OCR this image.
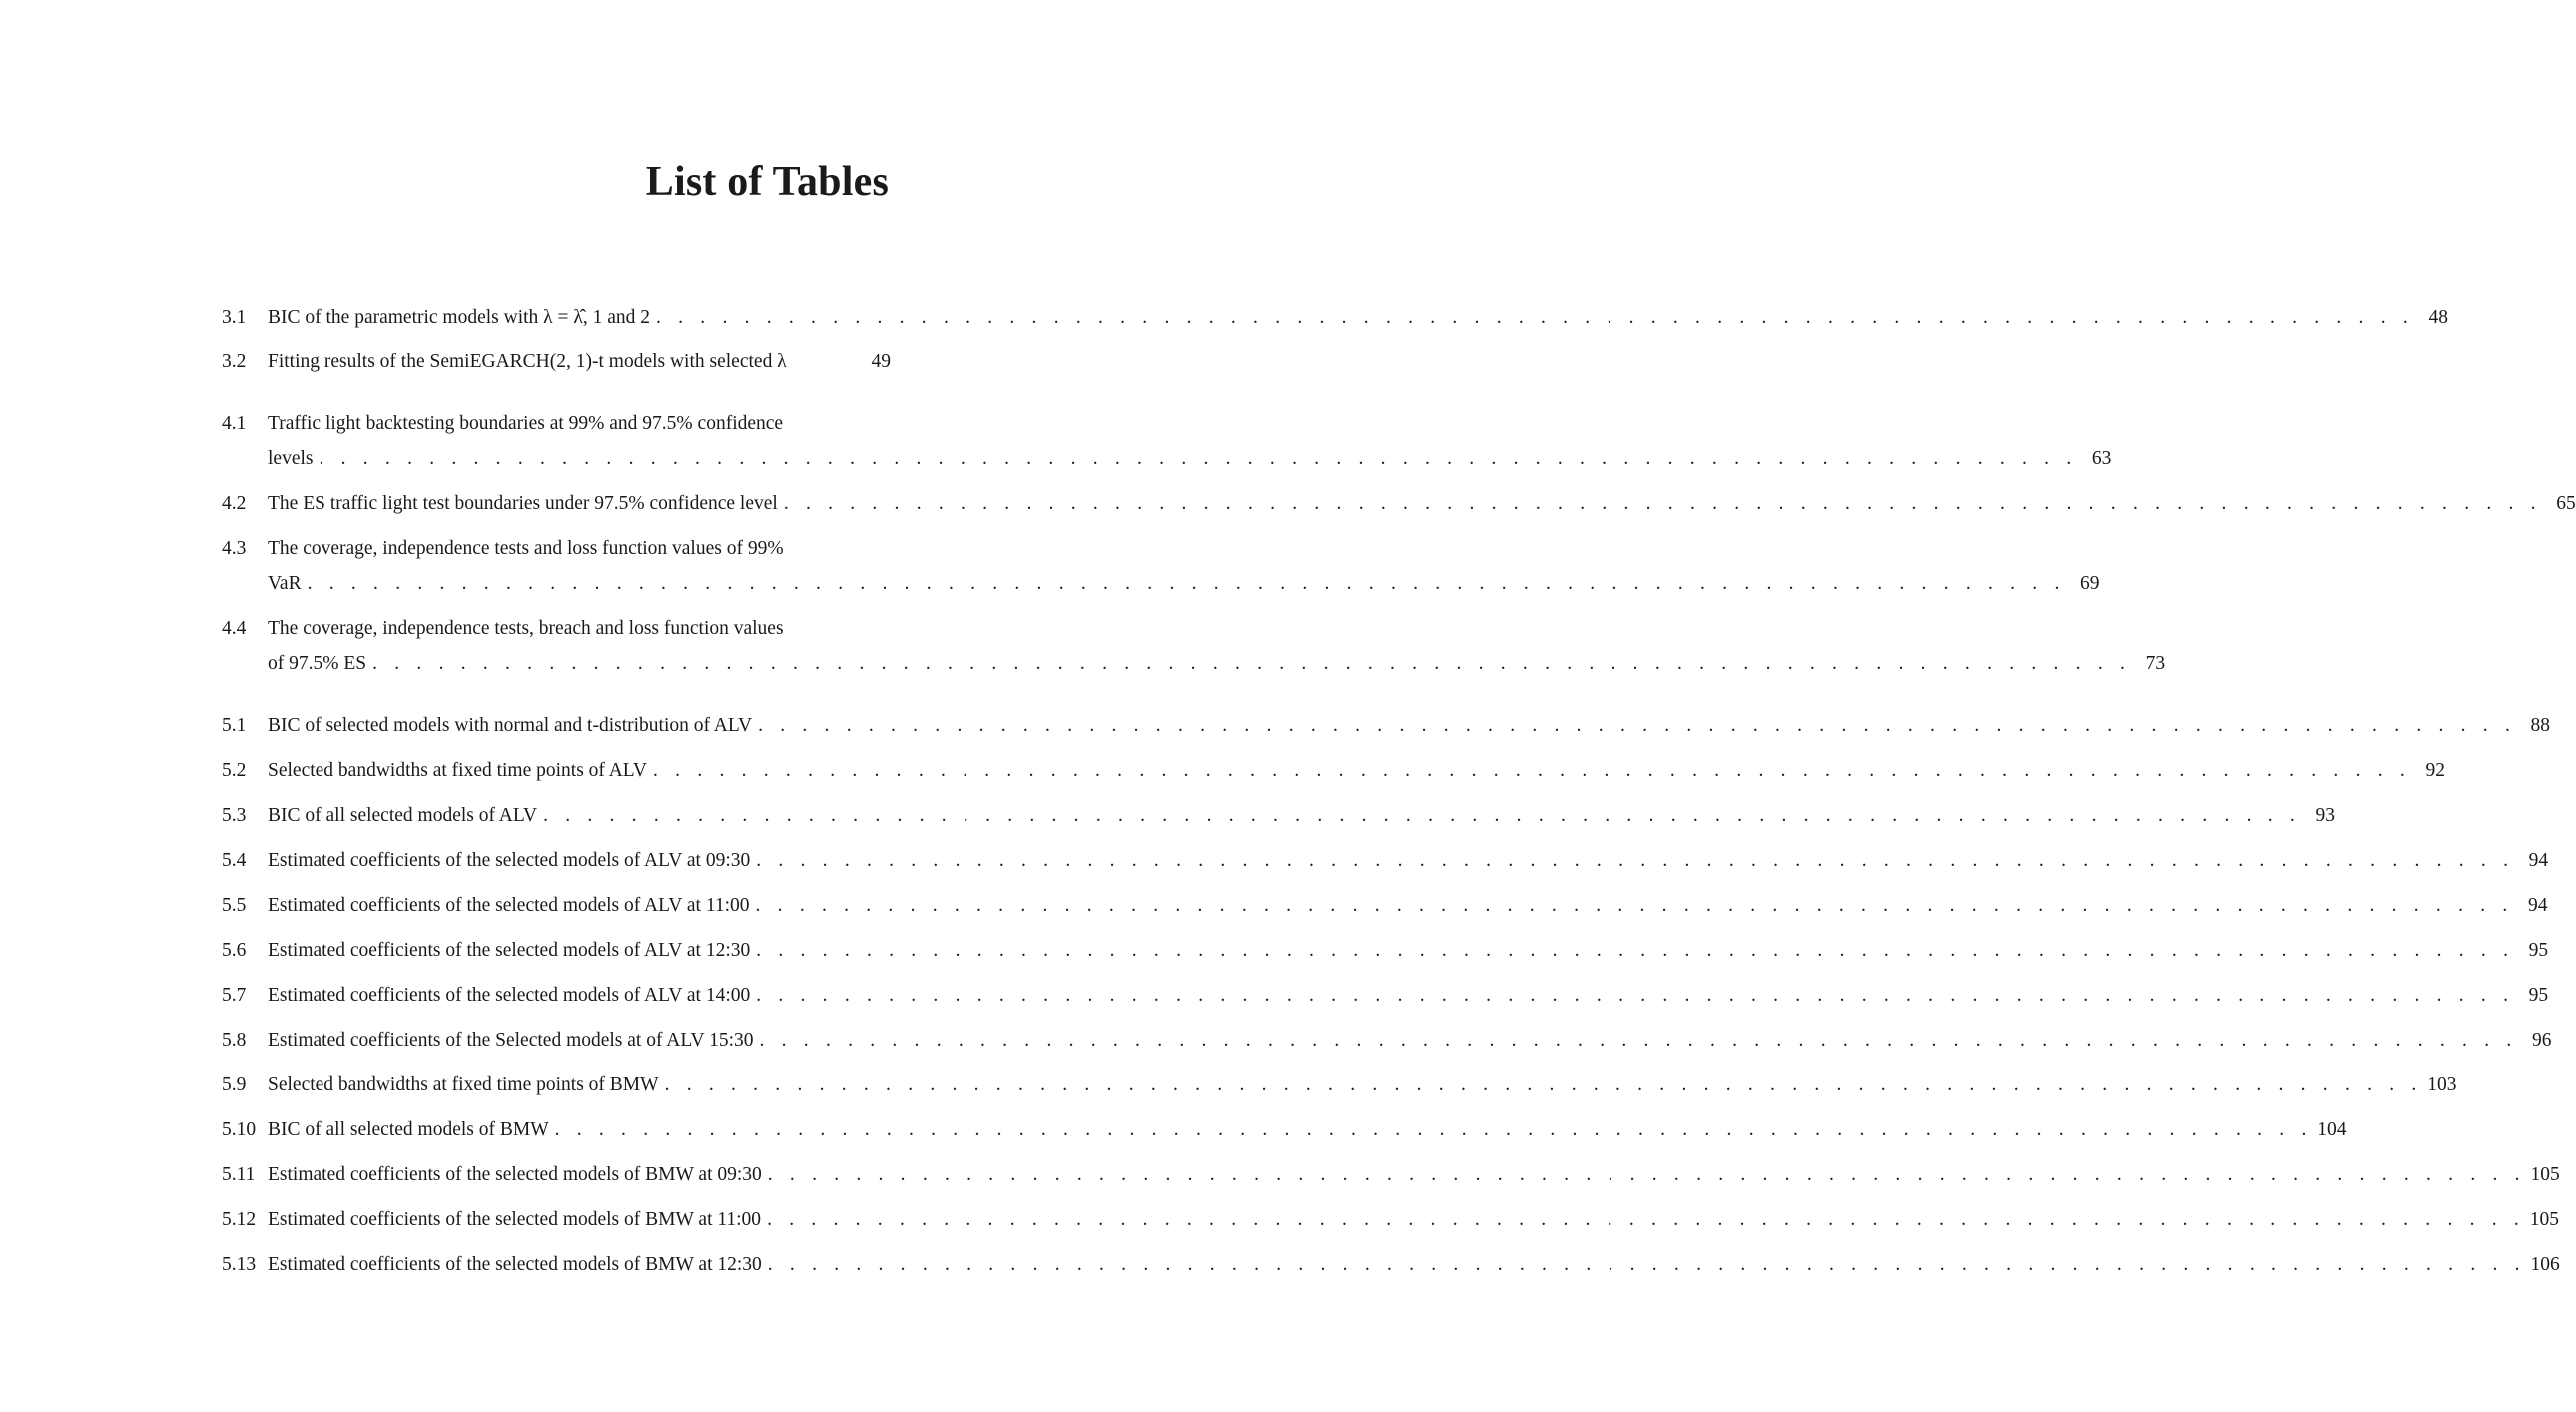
List of Tables
3.1	BIC of the parametric models with λ = λ̂, 1 and 2 . . . . . . . . . . . . . . . . . . . . . . . . . . . . . . . . . . . . . . . . . . . . . . . . . . . . . . . . . . . . . . . . . . . . . . . . . . . . . . . . 48
3.2	Fitting results of the SemiEGARCH(2, 1)-t models with selected λ	49
4.1	Traffic light backtesting boundaries at 99% and 97.5% confidence
levels . . . . . . . . . . . . . . . . . . . . . . . . . . . . . . . . . . . . . . . . . . . . . . . . . . . . . . . . . . . . . . . . . . . . . . . . . . . . . . . . 63
4.2	The ES traffic light test boundaries under 97.5% confidence level . . . . . . . . . . . . . . . . . . . . . . . . . . . . . . . . . . . . . . . . . . . . . . . . . . . . . . . . . . . . . . . . . . . . . . . . . . . . . . . . 65
4.3	The coverage, independence tests and loss function values of 99%
VaR . . . . . . . . . . . . . . . . . . . . . . . . . . . . . . . . . . . . . . . . . . . . . . . . . . . . . . . . . . . . . . . . . . . . . . . . . . . . . . . . 69
4.4	The coverage, independence tests, breach and loss function values
of 97.5% ES . . . . . . . . . . . . . . . . . . . . . . . . . . . . . . . . . . . . . . . . . . . . . . . . . . . . . . . . . . . . . . . . . . . . . . . . . . . . . . . . 73
5.1	BIC of selected models with normal and t-distribution of ALV . . . . . . . . . . . . . . . . . . . . . . . . . . . . . . . . . . . . . . . . . . . . . . . . . . . . . . . . . . . . . . . . . . . . . . . . . . . . . . . . 88
5.2	Selected bandwidths at fixed time points of ALV . . . . . . . . . . . . . . . . . . . . . . . . . . . . . . . . . . . . . . . . . . . . . . . . . . . . . . . . . . . . . . . . . . . . . . . . . . . . . . . . 92
5.3	BIC of all selected models of ALV . . . . . . . . . . . . . . . . . . . . . . . . . . . . . . . . . . . . . . . . . . . . . . . . . . . . . . . . . . . . . . . . . . . . . . . . . . . . . . . . 93
5.4	Estimated coefficients of the selected models of ALV at 09:30 . . . . . . . . . . . . . . . . . . . . . . . . . . . . . . . . . . . . . . . . . . . . . . . . . . . . . . . . . . . . . . . . . . . . . . . . . . . . . . . . 94
5.5	Estimated coefficients of the selected models of ALV at 11:00 . . . . . . . . . . . . . . . . . . . . . . . . . . . . . . . . . . . . . . . . . . . . . . . . . . . . . . . . . . . . . . . . . . . . . . . . . . . . . . . . 94
5.6	Estimated coefficients of the selected models of ALV at 12:30 . . . . . . . . . . . . . . . . . . . . . . . . . . . . . . . . . . . . . . . . . . . . . . . . . . . . . . . . . . . . . . . . . . . . . . . . . . . . . . . . 95
5.7	Estimated coefficients of the selected models of ALV at 14:00 . . . . . . . . . . . . . . . . . . . . . . . . . . . . . . . . . . . . . . . . . . . . . . . . . . . . . . . . . . . . . . . . . . . . . . . . . . . . . . . . 95
5.8	Estimated coefficients of the Selected models at of ALV 15:30 . . . . . . . . . . . . . . . . . . . . . . . . . . . . . . . . . . . . . . . . . . . . . . . . . . . . . . . . . . . . . . . . . . . . . . . . . . . . . . . . 96
5.9	Selected bandwidths at fixed time points of BMW . . . . . . . . . . . . . . . . . . . . . . . . . . . . . . . . . . . . . . . . . . . . . . . . . . . . . . . . . . . . . . . . . . . . . . . . . . . . . . . . 103
5.10 BIC of all selected models of BMW . . . . . . . . . . . . . . . . . . . . . . . . . . . . . . . . . . . . . . . . . . . . . . . . . . . . . . . . . . . . . . . . . . . . . . . . . . . . . . . . 104
5.11 Estimated coefficients of the selected models of BMW at 09:30 . . . . . . . . . . . . . . . . . . . . . . . . . . . . . . . . . . . . . . . . . . . . . . . . . . . . . . . . . . . . . . . . . . . . . . . . . . . . . . . . 105
5.12 Estimated coefficients of the selected models of BMW at 11:00 . . . . . . . . . . . . . . . . . . . . . . . . . . . . . . . . . . . . . . . . . . . . . . . . . . . . . . . . . . . . . . . . . . . . . . . . . . . . . . . . 105
5.13 Estimated coefficients of the selected models of BMW at 12:30 . . . . . . . . . . . . . . . . . . . . . . . . . . . . . . . . . . . . . . . . . . . . . . . . . . . . . . . . . . . . . . . . . . . . . . . . . . . . . . . . 106
